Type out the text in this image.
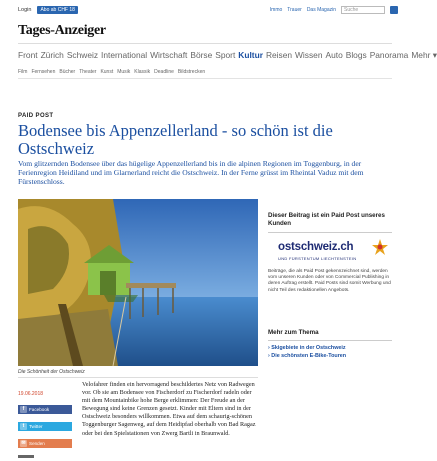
Login	Abo ab CHF 18	Immo Trauer Das Magazin	Suche
Tages-Anzeiger
Front Zürich Schweiz International Wirtschaft Börse Sport Kultur Reisen Wissen Auto Blogs Panorama Mehr ▾
Film Fernsehen Bücher Theater Kunst Musik Klassik Deadline Bildstrecken
PAID POST
Bodensee bis Appenzellerland - so schön ist die Ostschweiz

Vom glitzernden Bodensee über das hügelige Appenzellerland bis in die alpinen Regionen im Toggenburg, in der Ferienregion Heidiland und im Glarnerland reicht die Ostschweiz. In der Ferne grüsst im Rheintal Vaduz mit dem Fürstenschloss.

Die Schönheit der Ostschweiz
19.06.2018
f	Facebook
t	Twitter
✉ Senden

Velofahrer finden ein hervorragend beschildertes Netz von Radwegen vor. Ob sie am Bodensee von Fischerdorf zu Fischerdorf radeln oder mit dem Mountainbike hohe Berge erklimmen: Der Freude an der Bewegung sind keine Grenzen gesetzt. Kinder mit Eltern sind in der Ostschweiz besonders willkommen. Etwa auf dem schaurig-schönen Toggenburger Sagenweg, auf dem Heidipfad oberhalb von Bad Ragaz oder bei den Spielstationen von Zwerg Bartli in Braunwald.

Dieser Beitrag ist ein Paid Post unseres Kunden
ostschweiz.ch
UND FÜRSTENTUM LIECHTENSTEIN

Beiträge, die als Paid Post gekennzeichnet sind, werden vom unseren Kunden oder von Commercial Publishing in deren Auftrag erstellt. Paid Posts sind somit Werbung und nicht Teil des redaktionellen Angebots.

Mehr zum Thema
› Skigebiete in der Ostschweiz
› Die schönsten E-Bike-Touren
